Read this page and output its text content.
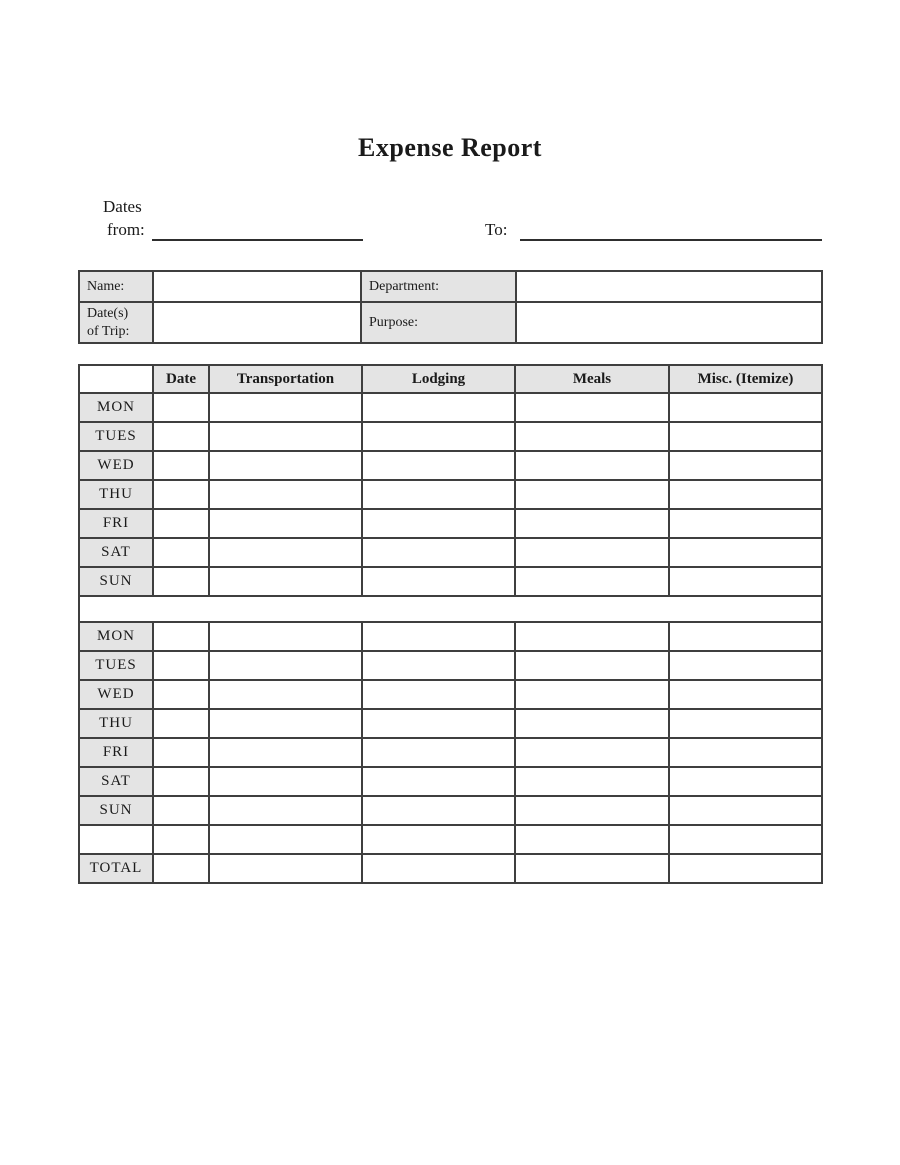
Expense Report
Dates
from:	To:
Name:		Department:	
Date(s) of Trip:		Purpose:	
	Date	Transportation	Lodging	Meals	Misc. (Itemize)
MON					
TUES					
WED					
THU					
FRI					
SAT					
SUN					

MON					
TUES					
WED					
THU					
FRI					
SAT					
SUN					

TOTAL					
